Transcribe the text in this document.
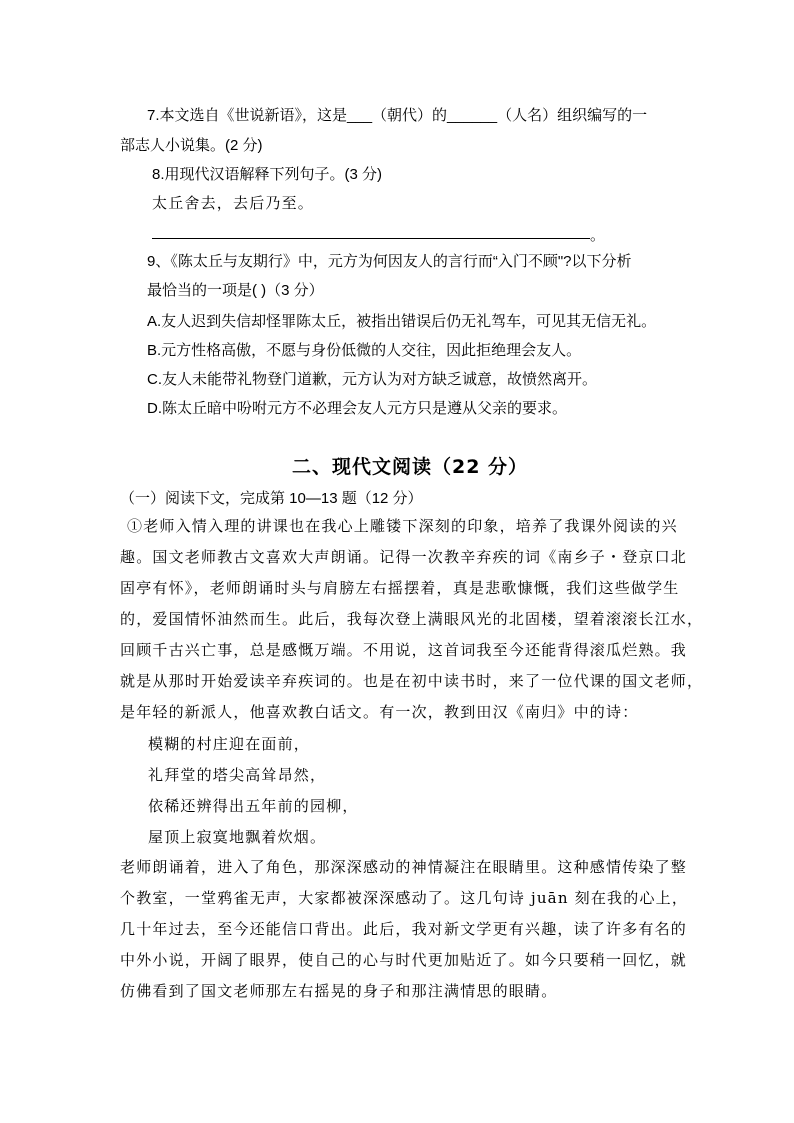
7.本文选自《世说新语》，这是___（朝代）的______（人名）组织编写的一
部志人小说集。(2 分)
8.用现代汉语解释下列句子。(3 分)
太丘舍去，去后乃至。
。
9、《陈太丘与友期行》中，元方为何因友人的言行而“入门不顾"?以下分析
最恰当的一项是( )（3 分）
A.友人迟到失信却怪罪陈太丘，被指出错误后仍无礼驾车，可见其无信无礼。
B.元方性格高傲，不愿与身份低微的人交往，因此拒绝理会友人。
C.友人未能带礼物登门道歉，元方认为对方缺乏诚意，故愤然离开。
D.陈太丘暗中吩咐元方不必理会友人元方只是遵从父亲的要求。
二、现代文阅读（22 分）
（一）阅读下文，完成第 10—13 题（12 分）
①老师入情入理的讲课也在我心上雕镂下深刻的印象，培养了我课外阅读的兴
趣。国文老师教古文喜欢大声朗诵。记得一次教辛弃疾的词《南乡子・登京口北
固亭有怀》，老师朗诵时头与肩膀左右摇摆着，真是悲歌慷慨，我们这些做学生
的，爱国情怀油然而生。此后，我每次登上满眼风光的北固楼，望着滚滚长江水，
回顾千古兴亡事，总是感慨万端。不用说，这首词我至今还能背得滚瓜烂熟。我
就是从那时开始爱读辛弃疾词的。也是在初中读书时，来了一位代课的国文老师，
是年轻的新派人，他喜欢教白话文。有一次，教到田汉《南归》中的诗：
模糊的村庄迎在面前，
礼拜堂的塔尖高耸昂然，
依稀还辨得出五年前的园柳，
屋顶上寂寞地飘着炊烟。
老师朗诵着，进入了角色，那深深感动的神情凝注在眼睛里。这种感情传染了整
个教室，一堂鸦雀无声，大家都被深深感动了。这几句诗 juān 刻在我的心上，
几十年过去，至今还能信口背出。此后，我对新文学更有兴趣，读了许多有名的
中外小说，开阔了眼界，使自己的心与时代更加贴近了。如今只要稍一回忆，就
仿佛看到了国文老师那左右摇晃的身子和那注满情思的眼睛。
